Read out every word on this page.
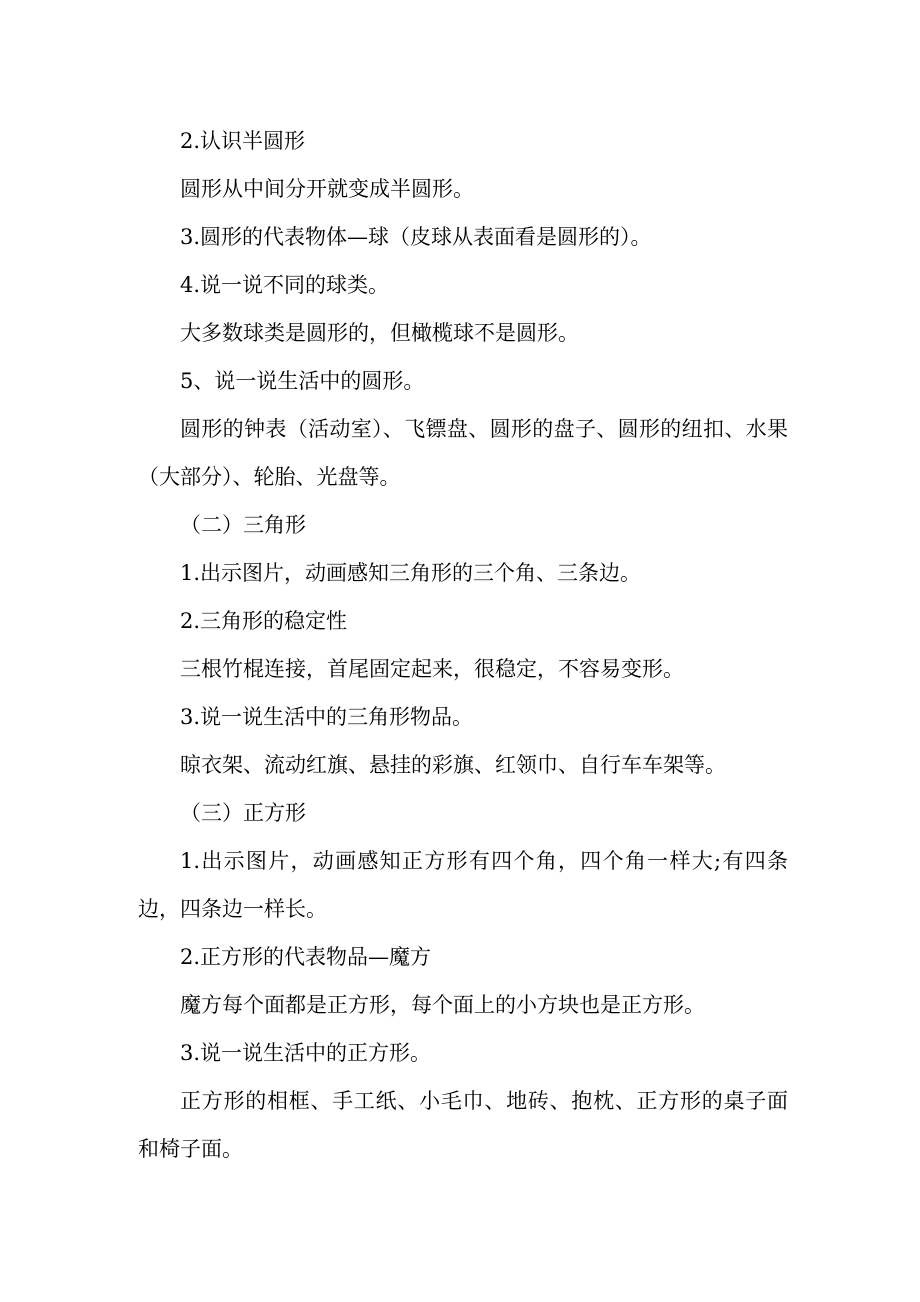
2.认识半圆形

圆形从中间分开就变成半圆形。

3.圆形的代表物体—球（皮球从表面看是圆形的）。

4.说一说不同的球类。

大多数球类是圆形的，但橄榄球不是圆形。

5、说一说生活中的圆形。

圆形的钟表（活动室）、飞镖盘、圆形的盘子、圆形的纽扣、水果（大部分）、轮胎、光盘等。

（二）三角形

1.出示图片，动画感知三角形的三个角、三条边。

2.三角形的稳定性

三根竹棍连接，首尾固定起来，很稳定，不容易变形。

3.说一说生活中的三角形物品。

晾衣架、流动红旗、悬挂的彩旗、红领巾、自行车车架等。

（三）正方形

1.出示图片，动画感知正方形有四个角，四个角一样大;有四条边，四条边一样长。

2.正方形的代表物品—魔方

魔方每个面都是正方形，每个面上的小方块也是正方形。

3.说一说生活中的正方形。

正方形的相框、手工纸、小毛巾、地砖、抱枕、正方形的桌子面和椅子面。
